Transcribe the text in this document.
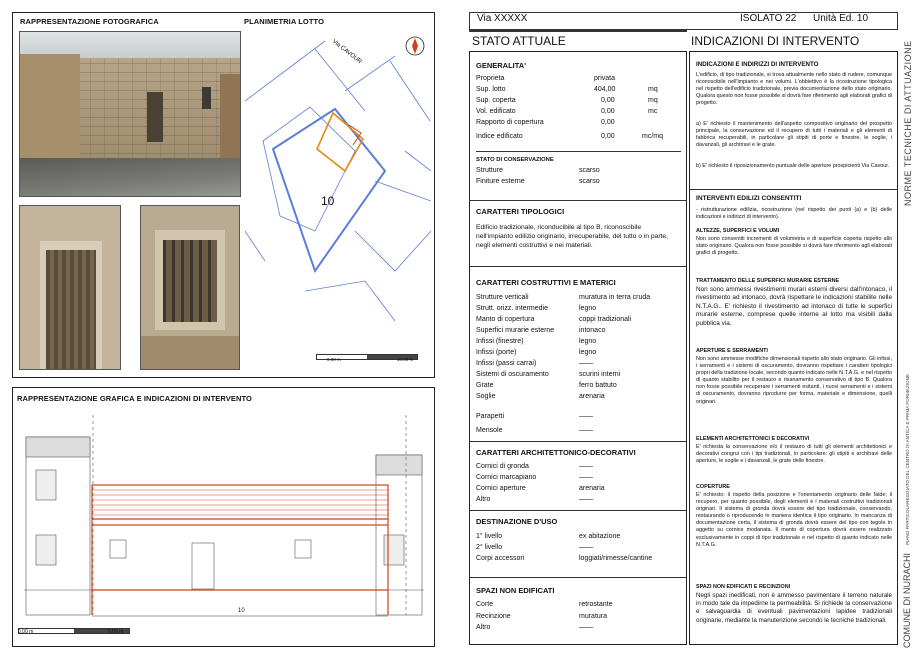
RAPPRESENTAZIONE FOTOGRAFICA	PLANIMETRIA LOTTO
Via CAVOUR
10
0,00 m	10,00 m
RAPPRESENTAZIONE GRAFICA E INDICAZIONI DI INTERVENTO
10
0,00 m	5,00 m
Via XXXXX	ISOLATO 22 Unità Ed. 10
STATO ATTUALE	INDICAZIONI DI INTERVENTO
GENERALITA'
Proprieta	privata
Sup. lotto	404,00	mq
Sup. coperta	0,00	mq
Vol. edificato	0,00	mc
Rapporto di copertura	0,00
Indice edificato	0,00	mc/mq
STATO DI CONSERVAZIONE
Strutture	scarso
Finiture esterne	scarso
CARATTERI TIPOLOGICI
Edificio tradizionale, riconducibile al tipo B, riconoscibile nell'impianto edilizio originario, irrecuperabile, del tutto o in parte, negli elementi costruttivi e nei materiali.
CARATTERI COSTRUTTIVI E MATERICI
Strutture verticali	muratura in terra cruda
Strutt. orizz. intermedie	legno
Manto di copertura	coppi tradizionali
Superfici murarie esterne	intonaco
Infissi (finestre)	legno
Infissi (porte)	legno
Infissi (passi carrai)	——
Sistemi di oscuramento	scurini interni
Grate	ferro battuto
Soglie	arenaria
Parapetti	——
Mensole	——
CARATTERI ARCHITETTONICO-DECORATIVI
Cornici di gronda	——
Cornici marcapiano	——
Cornici aperture	arenaria
Altro	——
DESTINAZIONE D'USO
1° livello	ex abitazione
2° livello	——
Corpi accessori	loggiati/rimesse/cantine
SPAZI NON EDIFICATI
Corte	retrostante
Recinzione	muratura
Altro	——
INDICAZIONI E INDIRIZZI DI INTERVENTO
L'edificio, di tipo tradizionale, si trova attualmente nello stato di rudere, comunque riconoscibile nell'impianto e nei volumi. L'obbiettivo è la ricostruzione tipologica nel rispetto dell'edificio tradizionale, previa documentazione dello stato originario. Qualora questo non fosse possibile si dovrà fare riferimento agli elaborati grafici di progetto.
a) E' richiesto il mantenimento dell'aspetto compositivo originario del prospetto principale, la conservazione ed il recupero di tutti i materiali e gli elementi di fabbrica recuperabili, in particolare gli stipiti di porte e finestre, le soglie, i davanzali, gli architravi e le grate.
b) E' richiesto il riposizionamento puntuale delle aperture prospicienti Via Cavour.
INTERVENTI EDILIZI CONSENTITI
- ristrutturazione edilizia, ricostruzione (nel rispetto dei punti (a) e (b) delle indicazioni e indirizzi di intervento).
ALTEZZE, SUPERFICI E VOLUMI
Non sono consentiti incrementi di volumetria e di superficie coperta rispetto allo stato originario. Qualora non fosse possibile si dovrà fare riferimento agli elaborati grafici di progetto.
TRATTAMENTO DELLE SUPERFICI MURARIE ESTERNE
Non sono ammessi rivestimenti murari esterni diversi dall'intonaco, il rivestimento ad intonaco, dovrà rispettare le indicazioni stabilite nelle N.T.A.G.. E' richiesto il rivestimento ad intonaco di tutte le superfici murarie esterne, comprese quelle interne al lotto ma visibili dalla pubblica via.
APERTURE E SERRAMENTI
Non sono ammesse modifiche dimensionali rispetto allo stato originario. Gli infissi, i serramenti e i sistemi di oscuramento, dovranno rispettare i caratteri tipologici propri della tradizione locale, secondo quanto indicato nelle N.T.A.G. e nel rispetto di quanto stabilito per il restauro e risanamento conservativo di tipo B. Qualora non fosse possibile recuperare i serramenti esitanti, i nuovi serramenti e i sistemi di oscuramento, dovranno riprodurre per forma, materiale e dimensione, quelli originari.
ELEMENTI ARCHITETTONICI E DECORATIVI
E' richiesta la conservazione e/o il restauro di tutti gli elementi architettonici e decorativi congrui con i tipi tradizionali, in particolare: gli stipiti e architravi delle aperture, le soglie e i davanzali, le grate delle finestre.
COPERTURE
E' richiesto: il rispetto della posizione e l'orientamento originario delle falde; il recupero, per quanto possibile, degli elementi e i materiali costruttivi tradizionali originari. Il sistema di gronda dovrà essere del tipo tradizionale, conservando, restaurando o riproducendo in maniera identica il tipo originario. In mancanza di documentazione certa, il sistema di gronda dovrà essere del tipo con tegole in aggetto su cornice modanata. Il manto di copertura dovrà essere realizzato esclusivamente in coppi di tipo tradizionale e nel rispetto di quanto indicato nelle N.T.A.G.
SPAZI NON EDIFICATI E RECINZIONI
Negli spazi inedificati, non è ammesso pavimentare il terreno naturale in modo tale da impedirne la permeabilità. Si richiede la conservazione e salvaguardia di eventuali pavimentazioni lapidee tradizionali originarie, mediante la manutenzione secondo le tecniche tradizionali.
NORME TECNICHE DI ATTUAZIONE
PIANO PARTICOLAREGGIATO DEL CENTRO DI ANTICA E PRIMA FORMAZIONE
COMUNE DI NURACHI
